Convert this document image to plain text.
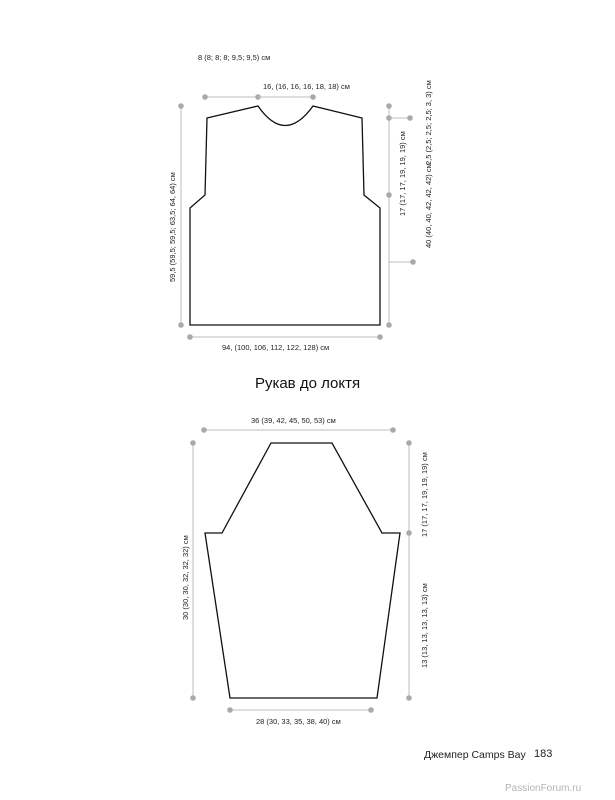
8 (8; 8; 8; 9,5; 9,5) см
16, (16, 16, 16, 18, 18) см
59,5 (59,5; 59,5; 63,5; 64, 64) см
94, (100, 106, 112, 122, 128) см
2,5 (2,5; 2,5; 2,5; 3, 3) см
17 (17, 17, 19, 19, 19) см 40 (40, 40, 42, 42, 42) см
36 (39, 42, 45, 50, 53) см
30 (30, 30, 32, 32, 32) см
28 (30, 33, 35, 38, 40) см
17 (17, 17, 19, 19, 19) см
13 (13, 13, 13, 13, 13) см
Рукав до локтя
Джемпер Camps Bay 183
PassionForum.ru
